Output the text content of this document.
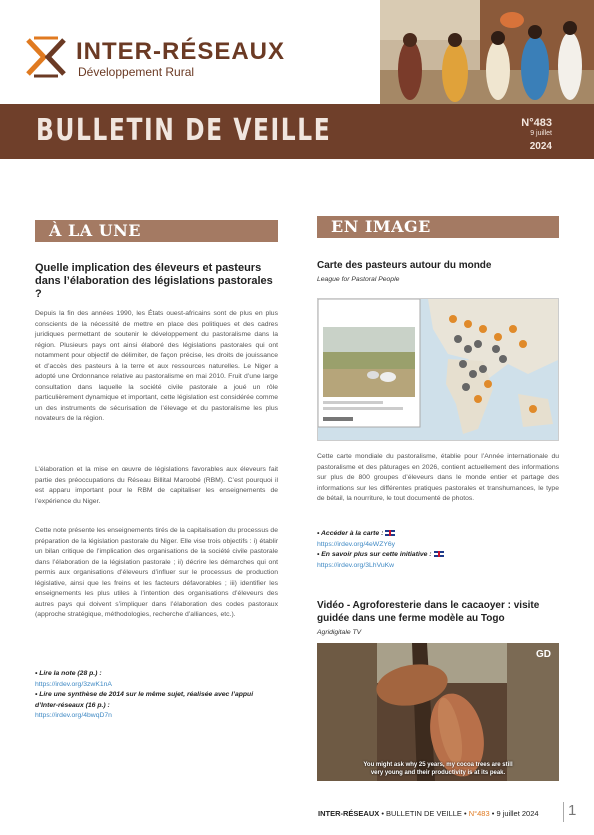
INTER-RÉSEAUX
Développement Rural
BULLETIN DE VEILLE	N°483
9 juillet
2024
À LA UNE
Quelle implication des éleveurs et pasteurs dans l’élaboration des législations pastorales ?
Depuis la fin des années 1990, les États ouest-africains sont de plus en plus conscients de la nécessité de mettre en place des politiques et des cadres juridiques permettant de soutenir le développement du pastoralisme dans la région. Plusieurs pays ont ainsi élaboré des législations pastorales qui ont notamment pour objectif de délimiter, de façon précise, les droits de jouissance et d’accès des pasteurs à la terre et aux ressources naturelles. Le Niger a adopté une Ordonnance relative au pastoralisme en mai 2010. Fruit d’une large consultation dans laquelle la société civile pastorale a joué un rôle particulièrement dynamique et important, cette législation est considérée comme un des instruments de sécurisation de l’élevage et du pastoralisme les plus novateurs de la région.
L’élaboration et la mise en œuvre de législations favorables aux éleveurs fait partie des préoccupations du Réseau Billital Maroobé (RBM). C’est pourquoi il est apparu important pour le RBM de capitaliser les enseignements de l’expérience du Niger.
Cette note présente les enseignements tirés de la capitalisation du processus de préparation de la législation pastorale du Niger. Elle vise trois objectifs : i) établir un bilan critique de l’implication des organisations de la société civile pastorale dans l’élaboration de la législation pastorale ; ii) décrire les démarches qui ont permis aux organisations d’éleveurs d’influer sur le processus de production législative, ainsi que les freins et les facteurs défavorables ; iii) identifier les enseignements les plus utiles à l’intention des organisations d’éleveurs des autres pays qui doivent s’impliquer dans l’élaboration des codes pastoraux (approche stratégique, méthodologies, recherche d’alliances, etc.).
• Lire la note (28 p.) :
https://irdev.org/3zwK1nA
• Lire une synthèse de 2014 sur le même sujet, réalisée avec l’appui d’Inter-réseaux (16 p.) :
https://irdev.org/4bwqD7n
EN IMAGE
Carte des pasteurs autour du monde
League for Pastoral People
Cette carte mondiale du pastoralisme, établie pour l’Année internationale du pastoralisme et des pâturages en 2026, contient actuellement des informations sur plus de 800 groupes d’éleveurs dans le monde entier et partage des informations sur les différentes pratiques pastorales et transhumances, le type de bétail, la nourriture, le tout documenté de photos.
• Accéder à la carte :
https://irdev.org/4eWZY6y
• En savoir plus sur cette initiative :
https://irdev.org/3LhVuKw
Vidéo - Agroforesterie dans le cacaoyer : visite guidée dans une ferme modèle au Togo
Agridigitale TV
GD
You might ask why 25 years, my cocoa trees are still
very young and their productivity is at its peak.
INTER-RÉSEAUX • BULLETIN DE VEILLE • N°483 • 9 juillet 2024 1
